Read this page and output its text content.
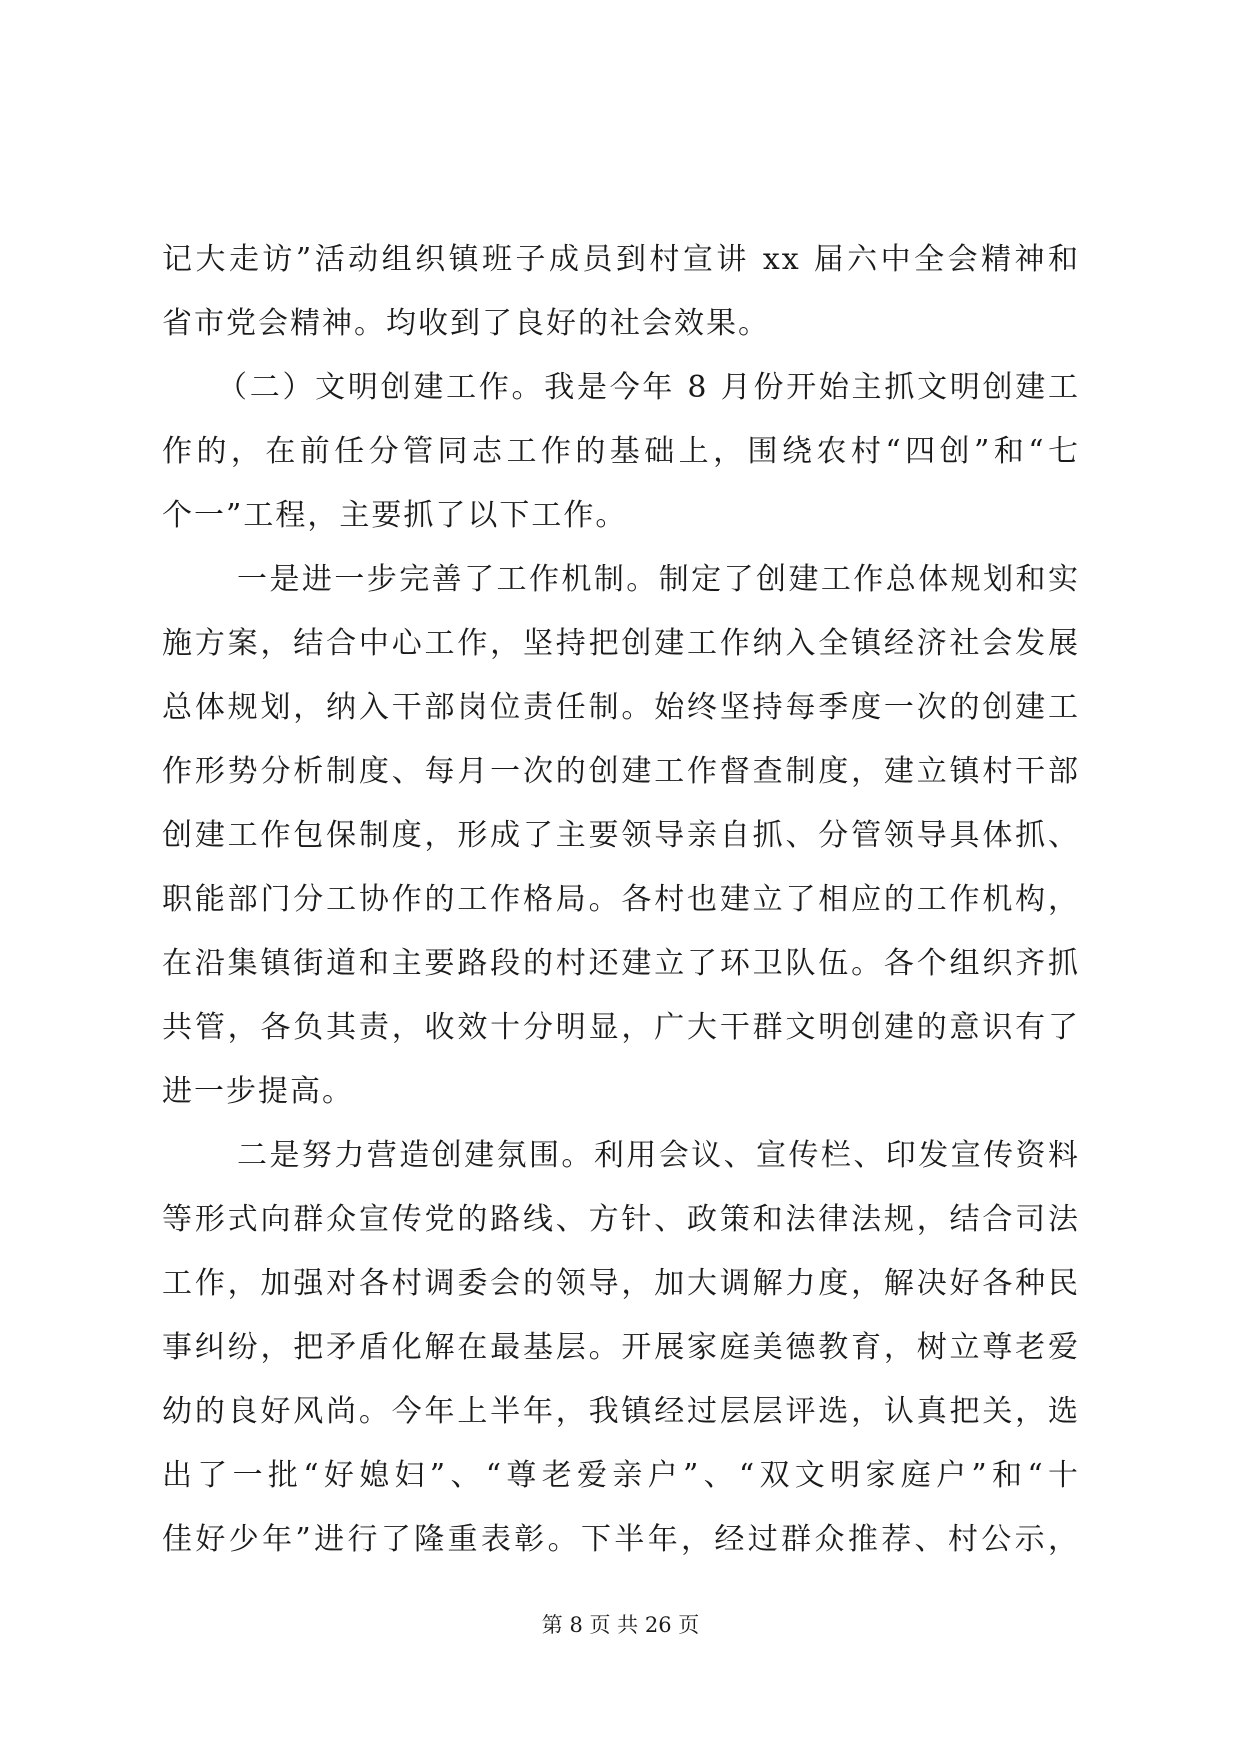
记大走访”活动组织镇班子成员到村宣讲 xx 届六中全会精神和
省市党会精神。均收到了良好的社会效果。
（二）文明创建工作。我是今年 8 月份开始主抓文明创建工
作的，在前任分管同志工作的基础上，围绕农村“四创”和“七
个一”工程，主要抓了以下工作。
一是进一步完善了工作机制。制定了创建工作总体规划和实
施方案，结合中心工作，坚持把创建工作纳入全镇经济社会发展
总体规划，纳入干部岗位责任制。始终坚持每季度一次的创建工
作形势分析制度、每月一次的创建工作督查制度，建立镇村干部
创建工作包保制度，形成了主要领导亲自抓、分管领导具体抓、
职能部门分工协作的工作格局。各村也建立了相应的工作机构，
在沿集镇街道和主要路段的村还建立了环卫队伍。各个组织齐抓
共管，各负其责，收效十分明显，广大干群文明创建的意识有了
进一步提高。
二是努力营造创建氛围。利用会议、宣传栏、印发宣传资料
等形式向群众宣传党的路线、方针、政策和法律法规，结合司法
工作，加强对各村调委会的领导，加大调解力度，解决好各种民
事纠纷，把矛盾化解在最基层。开展家庭美德教育，树立尊老爱
幼的良好风尚。今年上半年，我镇经过层层评选，认真把关，选
出了一批“好媳妇”、“尊老爱亲户”、“双文明家庭户”和“十
佳好少年”进行了隆重表彰。下半年，经过群众推荐、村公示，
第 8 页 共 26 页
